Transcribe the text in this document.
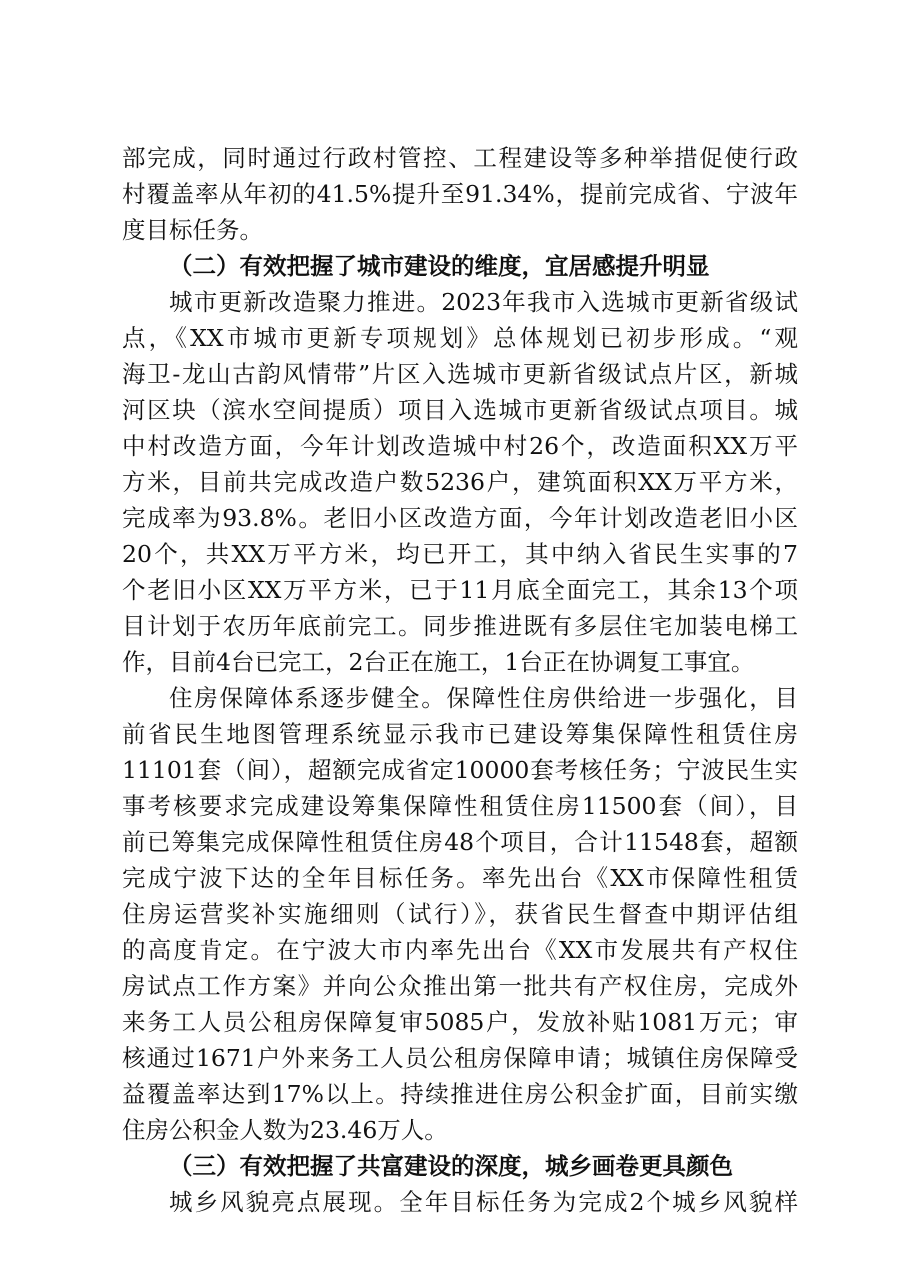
部完成，同时通过行政村管控、工程建设等多种举措促使行政
村覆盖率从年初的41.5%提升至91.34%，提前完成省、宁波年
度目标任务。
（二）有效把握了城市建设的维度，宜居感提升明显
城市更新改造聚力推进。2023年我市入选城市更新省级试
点，《XX市城市更新专项规划》总体规划已初步形成。“观
海卫-龙山古韵风情带”片区入选城市更新省级试点片区，新城
河区块（滨水空间提质）项目入选城市更新省级试点项目。城
中村改造方面，今年计划改造城中村26个，改造面积XX万平
方米，目前共完成改造户数5236户，建筑面积XX万平方米，
完成率为93.8%。老旧小区改造方面，今年计划改造老旧小区
20个，共XX万平方米，均已开工，其中纳入省民生实事的7
个老旧小区XX万平方米，已于11月底全面完工，其余13个项
目计划于农历年底前完工。同步推进既有多层住宅加装电梯工
作，目前4台已完工，2台正在施工，1台正在协调复工事宜。
住房保障体系逐步健全。保障性住房供给进一步强化，目
前省民生地图管理系统显示我市已建设筹集保障性租赁住房
11101套（间），超额完成省定10000套考核任务；宁波民生实
事考核要求完成建设筹集保障性租赁住房11500套（间），目
前已筹集完成保障性租赁住房48个项目，合计11548套，超额
完成宁波下达的全年目标任务。率先出台《XX市保障性租赁
住房运营奖补实施细则（试行）》，获省民生督查中期评估组
的高度肯定。在宁波大市内率先出台《XX市发展共有产权住
房试点工作方案》并向公众推出第一批共有产权住房，完成外
来务工人员公租房保障复审5085户，发放补贴1081万元；审
核通过1671户外来务工人员公租房保障申请；城镇住房保障受
益覆盖率达到17%以上。持续推进住房公积金扩面，目前实缴
住房公积金人数为23.46万人。
（三）有效把握了共富建设的深度，城乡画卷更具颜色
城乡风貌亮点展现。全年目标任务为完成2个城乡风貌样
